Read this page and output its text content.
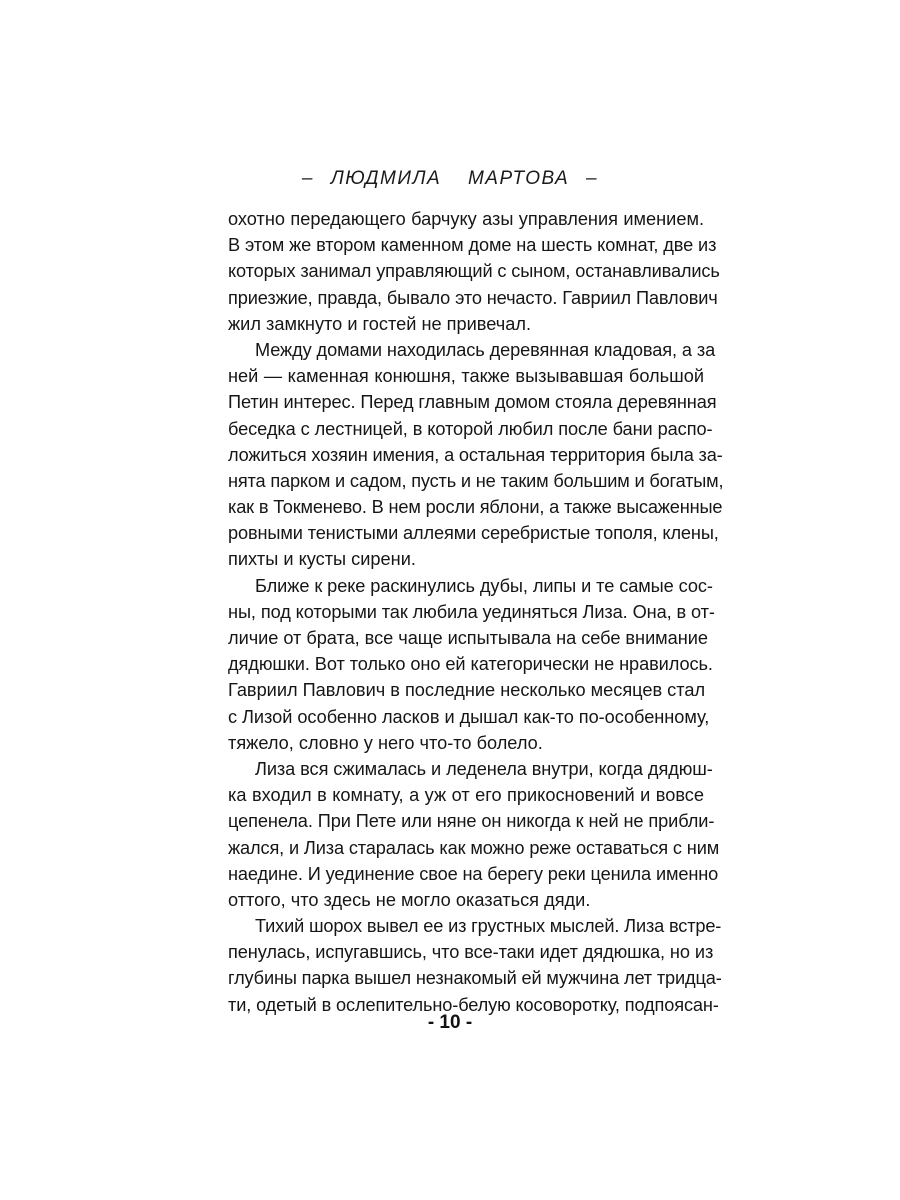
– ЛЮДМИЛА МАРТОВА –
охотно передающего барчуку азы управления имением.
В этом же втором каменном доме на шесть комнат, две из
которых занимал управляющий с сыном, останавливались
приезжие, правда, бывало это нечасто. Гавриил Павлович
жил замкнуто и гостей не привечал.
Между домами находилась деревянная кладовая, а за
ней — каменная конюшня, также вызывавшая большой
Петин интерес. Перед главным домом стояла деревянная
беседка с лестницей, в которой любил после бани распо-
ложиться хозяин имения, а остальная территория была за-
нята парком и садом, пусть и не таким большим и богатым,
как в Токменево. В нем росли яблони, а также высаженные
ровными тенистыми аллеями серебристые тополя, клены,
пихты и кусты сирени.
Ближе к реке раскинулись дубы, липы и те самые сос-
ны, под которыми так любила уединяться Лиза. Она, в от-
личие от брата, все чаще испытывала на себе внимание
дядюшки. Вот только оно ей категорически не нравилось.
Гавриил Павлович в последние несколько месяцев стал
с Лизой особенно ласков и дышал как-то по-особенному,
тяжело, словно у него что-то болело.
Лиза вся сжималась и леденела внутри, когда дядюш-
ка входил в комнату, а уж от его прикосновений и вовсе
цепенела. При Пете или няне он никогда к ней не прибли-
жался, и Лиза старалась как можно реже оставаться с ним
наедине. И уединение свое на берегу реки ценила именно
оттого, что здесь не могло оказаться дяди.
Тихий шорох вывел ее из грустных мыслей. Лиза встре-
пенулась, испугавшись, что все-таки идет дядюшка, но из
глубины парка вышел незнакомый ей мужчина лет тридца-
ти, одетый в ослепительно-белую косоворотку, подпоясан-
- 10 -
